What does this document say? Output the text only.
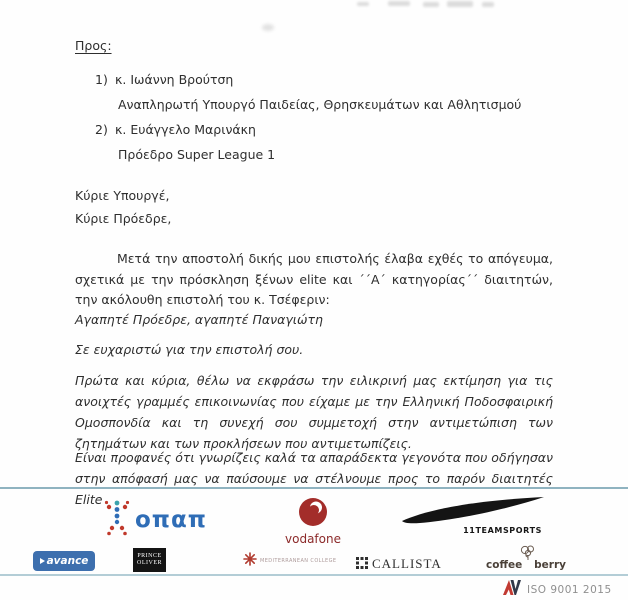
Προς:
1) κ. Ιωάννη Βρούτση
Αναπληρωτή Υπουργό Παιδείας, Θρησκευμάτων και Αθλητισμού
2) κ. Ευάγγελο Μαρινάκη
Πρόεδρο Super League 1
Κύριε Υπουργέ,
Κύριε Πρόεδρε,
Μετά την αποστολή δικής μου επιστολής έλαβα εχθές το απόγευμα, σχετικά με την πρόσκληση ξένων elite και ΄΄Α΄ κατηγορίας΄΄ διαιτητών, την ακόλουθη επιστολή του κ. Τσέφεριν:
Αγαπητέ Πρόεδρε, αγαπητέ Παναγιώτη
Σε ευχαριστώ για την επιστολή σου.
Πρώτα και κύρια, θέλω να εκφράσω την ειλικρινή μας εκτίμηση για τις ανοιχτές γραμμές επικοινωνίας που είχαμε με την Ελληνική Ποδοσφαιρική Ομοσπονδία και τη συνεχή σου συμμετοχή στην αντιμετώπιση των ζητημάτων και των προκλήσεων που αντιμετωπίζεις.
Είναι προφανές ότι γνωρίζεις καλά τα απαράδεκτα γεγονότα που οδήγησαν στην απόφασή μας να παύσουμε να στέλνουμε προς το παρόν διαιτητές Elite
οπαπ
vodafone
11TEAMSPORTS
avance	PRINCE
OLIVER	MEDITERRANEAN COLLEGE	CALLISTA	coffee berry
ISO 9001 2015
